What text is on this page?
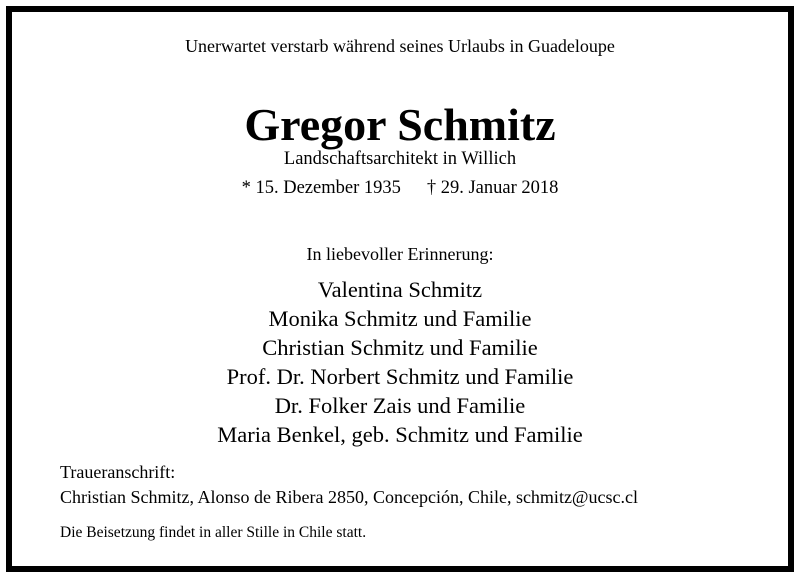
Unerwartet verstarb während seines Urlaubs in Guadeloupe
Gregor Schmitz
Landschaftsarchitekt in Willich
* 15. Dezember 1935 † 29. Januar 2018
In liebevoller Erinnerung:
Valentina Schmitz
Monika Schmitz und Familie
Christian Schmitz und Familie
Prof. Dr. Norbert Schmitz und Familie
Dr. Folker Zais und Familie
Maria Benkel, geb. Schmitz und Familie
Traueranschrift:
Christian Schmitz, Alonso de Ribera 2850, Concepción, Chile, schmitz@ucsc.cl
Die Beisetzung findet in aller Stille in Chile statt.
